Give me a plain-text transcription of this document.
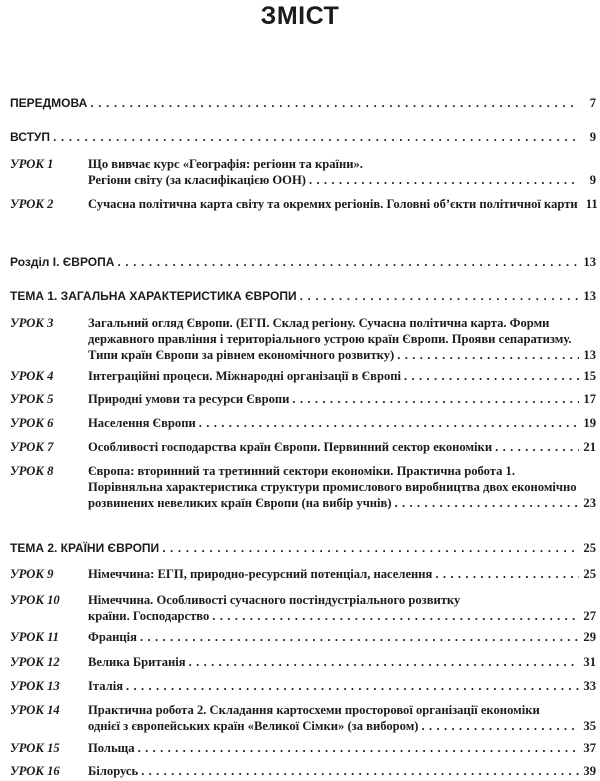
ЗМІСТ
ПЕРЕДМОВА . . .	7
ВСТУП . . .	9
УРОК 1	Що вивчає курс «Географія: регіони та країни».
Регіони світу (за класифікацією ООН) . . .	9
УРОК 2	Сучасна політична карта світу та окремих регіонів. Головні об’єкти політичної карти 11
Розділ І. ЄВРОПА . . .	13
ТЕМА 1. ЗАГАЛЬНА ХАРАКТЕРИСТИКА ЄВРОПИ . . .	13
УРОК 3	Загальний огляд Європи. (ЕГП. Склад регіону. Сучасна політична карта. Форми
державного правління і територіального устрою країн Європи. Прояви сепаратизму.
Типи країн Європи за рівнем економічного розвитку) . . .	13
УРОК 4	Інтеграційні процеси. Міжнародні організації в Європі . . .	15
УРОК 5	Природні умови та ресурси Європи . . .	17
УРОК 6	Населення Європи . . .	19
УРОК 7	Особливості господарства країн Європи. Первинний сектор економіки . . .	21
УРОК 8	Європа: вторинний та третинний сектори економіки. Практична робота 1.
Порівняльна характеристика структури промислового виробництва двох економічно
розвинених невеликих країн Європи (на вибір учнів) . . .	23
ТЕМА 2. КРАЇНИ ЄВРОПИ . . .	25
УРОК 9	Німеччина: ЕГП, природно-ресурсний потенціал, населення . . .	25
УРОК 10 Німеччина. Особливості сучасного постіндустріального розвитку
країни. Господарство . . .	27
УРОК 11 Франція . . .	29
УРОК 12 Велика Британія . . .	31
УРОК 13 Італія . . .	33
УРОК 14 Практична робота 2. Складання картосхеми просторової організації економіки
однієї з європейських країн «Великої Сімки» (за вибором) . . .	35
УРОК 15 Польща . . .	37
УРОК 16 Білорусь . . .	39
